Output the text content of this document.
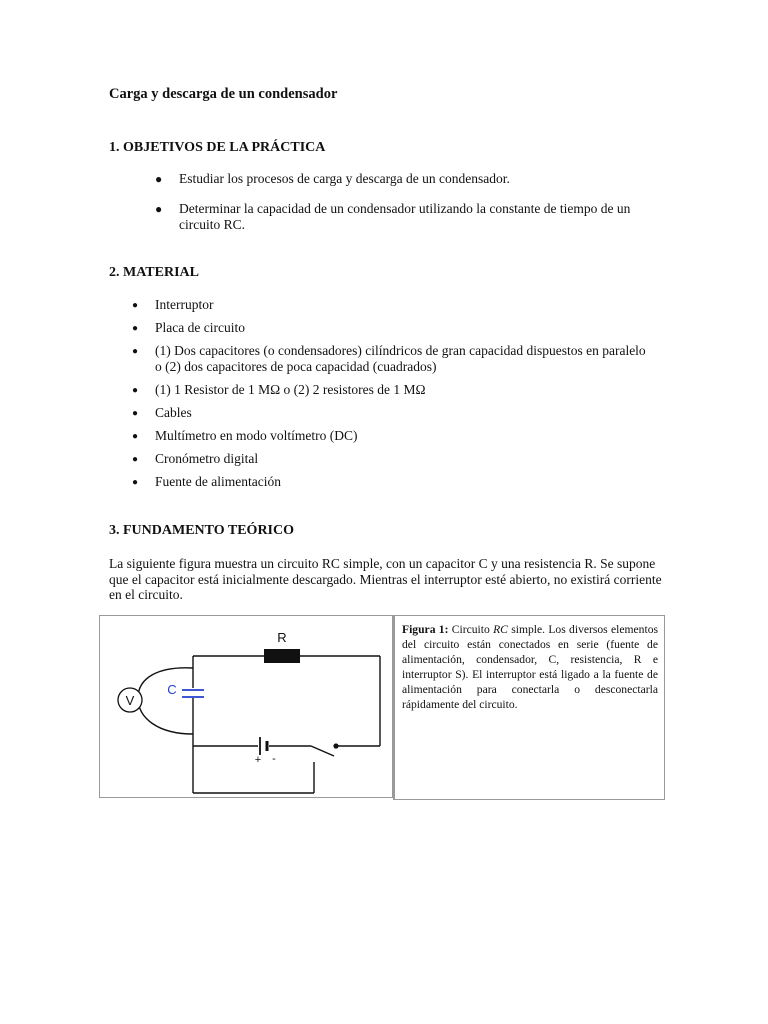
Carga y descarga de un condensador
1. OBJETIVOS DE LA PRÁCTICA
● Estudiar los procesos de carga y descarga de un condensador.
● Determinar la capacidad de un condensador utilizando la constante de tiempo de un circuito RC.
2. MATERIAL
● Interruptor
● Placa de circuito
● (1) Dos capacitores (o condensadores) cilíndricos de gran capacidad dispuestos en paralelo o (2) dos capacitores de poca capacidad (cuadrados)
● (1) 1 Resistor de 1 MΩ o (2) 2 resistores de 1 MΩ
● Cables
● Multímetro en modo voltímetro (DC)
● Cronómetro digital
● Fuente de alimentación
3. FUNDAMENTO TEÓRICO

La siguiente figura muestra un circuito RC simple, con un capacitor C y una resistencia R. Se supone que el capacitor está inicialmente descargado. Mientras el interruptor esté abierto, no existirá corriente en el circuito.

V
R
C
+ -

Figura 1: Circuito RC simple. Los diversos elementos del circuito están conectados en serie (fuente de alimentación, condensador, C, resistencia, R e interruptor S). El interruptor está ligado a la fuente de alimentación para conectarla o desconectarla rápidamente del circuito.
